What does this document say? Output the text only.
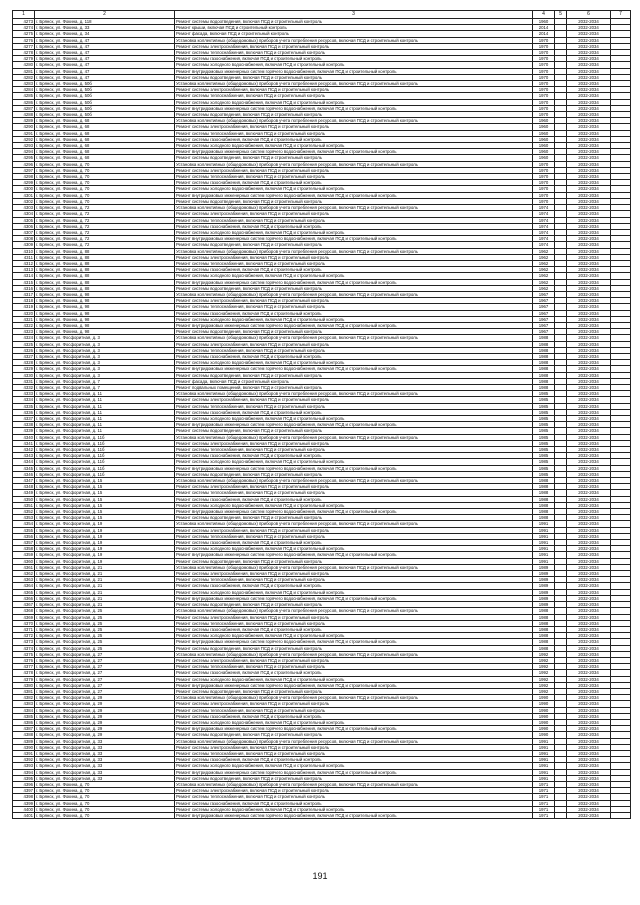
1	2	3	4	5	6	7
4273	г. Брянск, ул. Фокина, д. 118	Ремонт системы водоотведения, включая ПСД и строительный контроль	1960		2032-2034	
4274	г. Брянск, ул. Фокина, д. 33	Ремонт крыши, включая ПСД и строительный контроль	2014		2032-2034	
4275	г. Брянск, ул. Фокина, д. 34	Ремонт фасада, включая ПСД и строительный контроль	2014		2032-2034	
4276	г. Брянск, ул. Фокина, д. 47	Установка коллективных (общедомовых) приборов учета потребления ресурсов, включая ПСД и строительный контроль	1970		2032-2034	
4277	г. Брянск, ул. Фокина, д. 47	Ремонт системы электроснабжения, включая ПСД и строительный контроль	1970		2032-2034	
4278	г. Брянск, ул. Фокина, д. 47	Ремонт системы теплоснабжения, включая ПСД и строительный контроль	1970		2032-2034	
4279	г. Брянск, ул. Фокина, д. 47	Ремонт системы газоснабжения, включая ПСД и строительный контроль	1970		2032-2034	
4280	г. Брянск, ул. Фокина, д. 47	Ремонт системы холодного водоснабжения, включая ПСД и строительный контроль	1970		2032-2034	
4281	г. Брянск, ул. Фокина, д. 47	Ремонт внутридомовых инженерных систем горячего водоснабжения, включая ПСД и строительный контроль	1970		2032-2034	
4282	г. Брянск, ул. Фокина, д. 47	Ремонт системы водоотведения, включая ПСД и строительный контроль	1970		2032-2034	
4283	г. Брянск, ул. Фокина, д. 50б	Установка коллективных (общедомовых) приборов учета потребления ресурсов, включая ПСД и строительный контроль	1970		2032-2034	
4284	г. Брянск, ул. Фокина, д. 50б	Ремонт системы электроснабжения, включая ПСД и строительный контроль	1970		2032-2034	
4285	г. Брянск, ул. Фокина, д. 50б	Ремонт системы теплоснабжения, включая ПСД и строительный контроль	1970		2032-2034	
4286	г. Брянск, ул. Фокина, д. 50б	Ремонт системы холодного водоснабжения, включая ПСД и строительный контроль	1970		2032-2034	
4287	г. Брянск, ул. Фокина, д. 50б	Ремонт внутридомовых инженерных систем горячего водоснабжения, включая ПСД и строительный контроль	1970		2032-2034	
4288	г. Брянск, ул. Фокина, д. 50б	Ремонт системы водоотведения, включая ПСД и строительный контроль	1970		2032-2034	
4289	г. Брянск, ул. Фокина, д. 68	Установка коллективных (общедомовых) приборов учета потребления ресурсов, включая ПСД и строительный контроль	1960		2032-2034	
4290	г. Брянск, ул. Фокина, д. 68	Ремонт системы электроснабжения, включая ПСД и строительный контроль	1960		2032-2034	
4291	г. Брянск, ул. Фокина, д. 68	Ремонт системы теплоснабжения, включая ПСД и строительный контроль	1960		2032-2034	
4292	г. Брянск, ул. Фокина, д. 68	Ремонт системы газоснабжения, включая ПСД и строительный контроль	1960		2032-2034	
4293	г. Брянск, ул. Фокина, д. 68	Ремонт системы холодного водоснабжения, включая ПСД и строительный контроль	1960		2032-2034	
4294	г. Брянск, ул. Фокина, д. 68	Ремонт внутридомовых инженерных систем горячего водоснабжения, включая ПСД и строительный контроль	1960		2032-2034	
4295	г. Брянск, ул. Фокина, д. 68	Ремонт системы водоотведения, включая ПСД и строительный контроль	1960		2032-2034	
4296	г. Брянск, ул. Фокина, д. 70	Установка коллективных (общедомовых) приборов учета потребления ресурсов, включая ПСД и строительный контроль	1970		2032-2034	
4297	г. Брянск, ул. Фокина, д. 70	Ремонт системы электроснабжения, включая ПСД и строительный контроль	1970		2032-2034	
4298	г. Брянск, ул. Фокина, д. 70	Ремонт системы теплоснабжения, включая ПСД и строительный контроль	1970		2032-2034	
4299	г. Брянск, ул. Фокина, д. 70	Ремонт системы газоснабжения, включая ПСД и строительный контроль	1970		2032-2034	
4300	г. Брянск, ул. Фокина, д. 70	Ремонт системы холодного водоснабжения, включая ПСД и строительный контроль	1970		2032-2034	
4301	г. Брянск, ул. Фокина, д. 70	Ремонт внутридомовых инженерных систем горячего водоснабжения, включая ПСД и строительный контроль	1970		2032-2034	
4302	г. Брянск, ул. Фокина, д. 70	Ремонт системы водоотведения, включая ПСД и строительный контроль	1970		2032-2034	
4303	г. Брянск, ул. Фокина, д. 72	Установка коллективных (общедомовых) приборов учета потребления ресурсов, включая ПСД и строительный контроль	1974		2032-2034	
4304	г. Брянск, ул. Фокина, д. 72	Ремонт системы электроснабжения, включая ПСД и строительный контроль	1974		2032-2034	
4305	г. Брянск, ул. Фокина, д. 72	Ремонт системы теплоснабжения, включая ПСД и строительный контроль	1974		2032-2034	
4306	г. Брянск, ул. Фокина, д. 72	Ремонт системы газоснабжения, включая ПСД и строительный контроль	1974		2032-2034	
4307	г. Брянск, ул. Фокина, д. 72	Ремонт системы холодного водоснабжения, включая ПСД и строительный контроль	1974		2032-2034	
4308	г. Брянск, ул. Фокина, д. 72	Ремонт внутридомовых инженерных систем горячего водоснабжения, включая ПСД и строительный контроль	1974		2032-2034	
4309	г. Брянск, ул. Фокина, д. 72	Ремонт системы водоотведения, включая ПСД и строительный контроль	1974		2032-2034	
4310	г. Брянск, ул. Фокина, д. 88	Установка коллективных (общедомовых) приборов учета потребления ресурсов, включая ПСД и строительный контроль	1962		2032-2034	
4311	г. Брянск, ул. Фокина, д. 88	Ремонт системы электроснабжения, включая ПСД и строительный контроль	1962		2032-2034	
4312	г. Брянск, ул. Фокина, д. 88	Ремонт системы теплоснабжения, включая ПСД и строительный контроль	1962		2032-2034	
4313	г. Брянск, ул. Фокина, д. 88	Ремонт системы газоснабжения, включая ПСД и строительный контроль	1962		2032-2034	
4314	г. Брянск, ул. Фокина, д. 88	Ремонт системы холодного водоснабжения, включая ПСД и строительный контроль	1962		2032-2034	
4315	г. Брянск, ул. Фокина, д. 88	Ремонт внутридомовых инженерных систем горячего водоснабжения, включая ПСД и строительный контроль	1962		2032-2034	
4316	г. Брянск, ул. Фокина, д. 88	Ремонт системы водоотведения, включая ПСД и строительный контроль	1962		2032-2034	
4317	г. Брянск, ул. Фокина, д. 98	Установка коллективных (общедомовых) приборов учета потребления ресурсов, включая ПСД и строительный контроль	1967		2032-2034	
4318	г. Брянск, ул. Фокина, д. 98	Ремонт системы электроснабжения, включая ПСД и строительный контроль	1967		2032-2034	
4319	г. Брянск, ул. Фокина, д. 98	Ремонт системы теплоснабжения, включая ПСД и строительный контроль	1967		2032-2034	
4320	г. Брянск, ул. Фокина, д. 98	Ремонт системы газоснабжения, включая ПСД и строительный контроль	1967		2032-2034	
4321	г. Брянск, ул. Фокина, д. 98	Ремонт системы холодного водоснабжения, включая ПСД и строительный контроль	1967		2032-2034	
4322	г. Брянск, ул. Фокина, д. 98	Ремонт внутридомовых инженерных систем горячего водоснабжения, включая ПСД и строительный контроль	1967		2032-2034	
4323	г. Брянск, ул. Фокина, д. 98	Ремонт системы водоотведения, включая ПСД и строительный контроль	1967		2032-2034	
4324	г. Брянск, ул. Фосфоритная, д. 3	Установка коллективных (общедомовых) приборов учета потребления ресурсов, включая ПСД и строительный контроль	1988		2032-2034	
4325	г. Брянск, ул. Фосфоритная, д. 3	Ремонт системы электроснабжения, включая ПСД и строительный контроль	1988		2032-2034	
4326	г. Брянск, ул. Фосфоритная, д. 3	Ремонт системы теплоснабжения, включая ПСД и строительный контроль	1988		2032-2034	
4327	г. Брянск, ул. Фосфоритная, д. 3	Ремонт системы газоснабжения, включая ПСД и строительный контроль	1988		2032-2034	
4328	г. Брянск, ул. Фосфоритная, д. 3	Ремонт системы холодного водоснабжения, включая ПСД и строительный контроль	1988		2032-2034	
4329	г. Брянск, ул. Фосфоритная, д. 3	Ремонт внутридомовых инженерных систем горячего водоснабжения, включая ПСД и строительный контроль	1988		2032-2034	
4330	г. Брянск, ул. Фосфоритная, д. 3	Ремонт системы водоотведения, включая ПСД и строительный контроль	1988		2032-2034	
4331	г. Брянск, ул. Фосфоритная, д. 7	Ремонт фасада, включая ПСД и строительный контроль	1988		2032-2034	
4332	г. Брянск, ул. Фосфоритная, д. 7	Ремонт подвальных помещений, включая ПСД и строительный контроль	1988		2032-2034	
4333	г. Брянск, ул. Фосфоритная, д. 11	Установка коллективных (общедомовых) приборов учета потребления ресурсов, включая ПСД и строительный контроль	1985		2032-2034	
4334	г. Брянск, ул. Фосфоритная, д. 11	Ремонт системы электроснабжения, включая ПСД и строительный контроль	1985		2032-2034	
4335	г. Брянск, ул. Фосфоритная, д. 11	Ремонт системы теплоснабжения, включая ПСД и строительный контроль	1985		2032-2034	
4336	г. Брянск, ул. Фосфоритная, д. 11	Ремонт системы газоснабжения, включая ПСД и строительный контроль	1985		2032-2034	
4337	г. Брянск, ул. Фосфоритная, д. 11	Ремонт системы холодного водоснабжения, включая ПСД и строительный контроль	1985		2032-2034	
4338	г. Брянск, ул. Фосфоритная, д. 11	Ремонт внутридомовых инженерных систем горячего водоснабжения, включая ПСД и строительный контроль	1985		2032-2034	
4339	г. Брянск, ул. Фосфоритная, д. 11	Ремонт системы водоотведения, включая ПСД и строительный контроль	1985		2032-2034	
4340	г. Брянск, ул. Фосфоритная, д. 11б	Установка коллективных (общедомовых) приборов учета потребления ресурсов, включая ПСД и строительный контроль	1985		2032-2034	
4341	г. Брянск, ул. Фосфоритная, д. 11б	Ремонт системы электроснабжения, включая ПСД и строительный контроль	1985		2032-2034	
4342	г. Брянск, ул. Фосфоритная, д. 11б	Ремонт системы теплоснабжения, включая ПСД и строительный контроль	1985		2032-2034	
4343	г. Брянск, ул. Фосфоритная, д. 11б	Ремонт системы газоснабжения, включая ПСД и строительный контроль	1985		2032-2034	
4344	г. Брянск, ул. Фосфоритная, д. 11б	Ремонт системы холодного водоснабжения, включая ПСД и строительный контроль	1985		2032-2034	
4345	г. Брянск, ул. Фосфоритная, д. 11б	Ремонт внутридомовых инженерных систем горячего водоснабжения, включая ПСД и строительный контроль	1985		2032-2034	
4346	г. Брянск, ул. Фосфоритная, д. 11б	Ремонт системы водоотведения, включая ПСД и строительный контроль	1985		2032-2034	
4347	г. Брянск, ул. Фосфоритная, д. 15	Установка коллективных (общедомовых) приборов учета потребления ресурсов, включая ПСД и строительный контроль	1988		2032-2034	
4348	г. Брянск, ул. Фосфоритная, д. 15	Ремонт системы электроснабжения, включая ПСД и строительный контроль	1988		2032-2034	
4349	г. Брянск, ул. Фосфоритная, д. 15	Ремонт системы теплоснабжения, включая ПСД и строительный контроль	1988		2032-2034	
4350	г. Брянск, ул. Фосфоритная, д. 15	Ремонт системы газоснабжения, включая ПСД и строительный контроль	1988		2032-2034	
4351	г. Брянск, ул. Фосфоритная, д. 15	Ремонт системы холодного водоснабжения, включая ПСД и строительный контроль	1988		2032-2034	
4352	г. Брянск, ул. Фосфоритная, д. 15	Ремонт внутридомовых инженерных систем горячего водоснабжения, включая ПСД и строительный контроль	1988		2032-2034	
4353	г. Брянск, ул. Фосфоритная, д. 15	Ремонт системы водоотведения, включая ПСД и строительный контроль	1988		2032-2034	
4354	г. Брянск, ул. Фосфоритная, д. 19	Установка коллективных (общедомовых) приборов учета потребления ресурсов, включая ПСД и строительный контроль	1991		2032-2034	
4355	г. Брянск, ул. Фосфоритная, д. 19	Ремонт системы электроснабжения, включая ПСД и строительный контроль	1991		2032-2034	
4356	г. Брянск, ул. Фосфоритная, д. 19	Ремонт системы теплоснабжения, включая ПСД и строительный контроль	1991		2032-2034	
4357	г. Брянск, ул. Фосфоритная, д. 19	Ремонт системы газоснабжения, включая ПСД и строительный контроль	1991		2032-2034	
4358	г. Брянск, ул. Фосфоритная, д. 19	Ремонт системы холодного водоснабжения, включая ПСД и строительный контроль	1991		2032-2034	
4359	г. Брянск, ул. Фосфоритная, д. 19	Ремонт внутридомовых инженерных систем горячего водоснабжения, включая ПСД и строительный контроль	1991		2032-2034	
4360	г. Брянск, ул. Фосфоритная, д. 19	Ремонт системы водоотведения, включая ПСД и строительный контроль	1991		2032-2034	
4361	г. Брянск, ул. Фосфоритная, д. 21	Установка коллективных (общедомовых) приборов учета потребления ресурсов, включая ПСД и строительный контроль	1989		2032-2034	
4362	г. Брянск, ул. Фосфоритная, д. 21	Ремонт системы электроснабжения, включая ПСД и строительный контроль	1989		2032-2034	
4363	г. Брянск, ул. Фосфоритная, д. 21	Ремонт системы теплоснабжения, включая ПСД и строительный контроль	1989		2032-2034	
4364	г. Брянск, ул. Фосфоритная, д. 21	Ремонт системы газоснабжения, включая ПСД и строительный контроль	1989		2032-2034	
4365	г. Брянск, ул. Фосфоритная, д. 21	Ремонт системы холодного водоснабжения, включая ПСД и строительный контроль	1989		2032-2034	
4366	г. Брянск, ул. Фосфоритная, д. 21	Ремонт внутридомовых инженерных систем горячего водоснабжения, включая ПСД и строительный контроль	1989		2032-2034	
4367	г. Брянск, ул. Фосфоритная, д. 21	Ремонт системы водоотведения, включая ПСД и строительный контроль	1989		2032-2034	
4368	г. Брянск, ул. Фосфоритная, д. 25	Установка коллективных (общедомовых) приборов учета потребления ресурсов, включая ПСД и строительный контроль	1988		2032-2034	
4369	г. Брянск, ул. Фосфоритная, д. 25	Ремонт системы электроснабжения, включая ПСД и строительный контроль	1988		2032-2034	
4370	г. Брянск, ул. Фосфоритная, д. 25	Ремонт системы теплоснабжения, включая ПСД и строительный контроль	1988		2032-2034	
4371	г. Брянск, ул. Фосфоритная, д. 25	Ремонт системы газоснабжения, включая ПСД и строительный контроль	1988		2032-2034	
4372	г. Брянск, ул. Фосфоритная, д. 25	Ремонт системы холодного водоснабжения, включая ПСД и строительный контроль	1988		2032-2034	
4373	г. Брянск, ул. Фосфоритная, д. 25	Ремонт внутридомовых инженерных систем горячего водоснабжения, включая ПСД и строительный контроль	1988		2032-2034	
4374	г. Брянск, ул. Фосфоритная, д. 25	Ремонт системы водоотведения, включая ПСД и строительный контроль	1988		2032-2034	
4375	г. Брянск, ул. Фосфоритная, д. 27	Установка коллективных (общедомовых) приборов учета потребления ресурсов, включая ПСД и строительный контроль	1992		2032-2034	
4376	г. Брянск, ул. Фосфоритная, д. 27	Ремонт системы электроснабжения, включая ПСД и строительный контроль	1992		2032-2034	
4377	г. Брянск, ул. Фосфоритная, д. 27	Ремонт системы теплоснабжения, включая ПСД и строительный контроль	1992		2032-2034	
4378	г. Брянск, ул. Фосфоритная, д. 27	Ремонт системы газоснабжения, включая ПСД и строительный контроль	1992		2032-2034	
4379	г. Брянск, ул. Фосфоритная, д. 27	Ремонт системы холодного водоснабжения, включая ПСД и строительный контроль	1992		2032-2034	
4380	г. Брянск, ул. Фосфоритная, д. 27	Ремонт внутридомовых инженерных систем горячего водоснабжения, включая ПСД и строительный контроль	1992		2032-2034	
4381	г. Брянск, ул. Фосфоритная, д. 27	Ремонт системы водоотведения, включая ПСД и строительный контроль	1992		2032-2034	
4382	г. Брянск, ул. Фосфоритная, д. 29	Установка коллективных (общедомовых) приборов учета потребления ресурсов, включая ПСД и строительный контроль	1990		2032-2034	
4383	г. Брянск, ул. Фосфоритная, д. 29	Ремонт системы электроснабжения, включая ПСД и строительный контроль	1990		2032-2034	
4384	г. Брянск, ул. Фосфоритная, д. 29	Ремонт системы теплоснабжения, включая ПСД и строительный контроль	1990		2032-2034	
4385	г. Брянск, ул. Фосфоритная, д. 29	Ремонт системы газоснабжения, включая ПСД и строительный контроль	1990		2032-2034	
4386	г. Брянск, ул. Фосфоритная, д. 29	Ремонт системы холодного водоснабжения, включая ПСД и строительный контроль	1990		2032-2034	
4387	г. Брянск, ул. Фосфоритная, д. 29	Ремонт внутридомовых инженерных систем горячего водоснабжения, включая ПСД и строительный контроль	1990		2032-2034	
4388	г. Брянск, ул. Фосфоритная, д. 29	Ремонт системы водоотведения, включая ПСД и строительный контроль	1990		2032-2034	
4389	г. Брянск, ул. Фосфоритная, д. 33	Установка коллективных (общедомовых) приборов учета потребления ресурсов, включая ПСД и строительный контроль	1991		2032-2034	
4390	г. Брянск, ул. Фосфоритная, д. 33	Ремонт системы электроснабжения, включая ПСД и строительный контроль	1991		2032-2034	
4391	г. Брянск, ул. Фосфоритная, д. 33	Ремонт системы теплоснабжения, включая ПСД и строительный контроль	1991		2032-2034	
4392	г. Брянск, ул. Фосфоритная, д. 33	Ремонт системы газоснабжения, включая ПСД и строительный контроль	1991		2032-2034	
4393	г. Брянск, ул. Фосфоритная, д. 33	Ремонт системы холодного водоснабжения, включая ПСД и строительный контроль	1991		2032-2034	
4394	г. Брянск, ул. Фосфоритная, д. 33	Ремонт внутридомовых инженерных систем горячего водоснабжения, включая ПСД и строительный контроль	1991		2032-2034	
4395	г. Брянск, ул. Фосфоритная, д. 33	Ремонт системы водоотведения, включая ПСД и строительный контроль	1991		2032-2034	
4396	г. Брянск, ул. Фокина, д. 70	Установка коллективных (общедомовых) приборов учета потребления ресурсов, включая ПСД и строительный контроль	1971		2032-2034	
4397	г. Брянск, ул. Фокина, д. 70	Ремонт системы электроснабжения, включая ПСД и строительный контроль	1971		2032-2034	
4398	г. Брянск, ул. Фокина, д. 70	Ремонт системы теплоснабжения, включая ПСД и строительный контроль	1971		2032-2034	
4399	г. Брянск, ул. Фокина, д. 70	Ремонт системы газоснабжения, включая ПСД и строительный контроль	1971		2032-2034	
4400	г. Брянск, ул. Фокина, д. 70	Ремонт системы холодного водоснабжения, включая ПСД и строительный контроль	1971		2032-2034	
4401	г. Брянск, ул. Фокина, д. 70	Ремонт внутридомовых инженерных систем горячего водоснабжения, включая ПСД и строительный контроль	1971		2032-2034	
191
